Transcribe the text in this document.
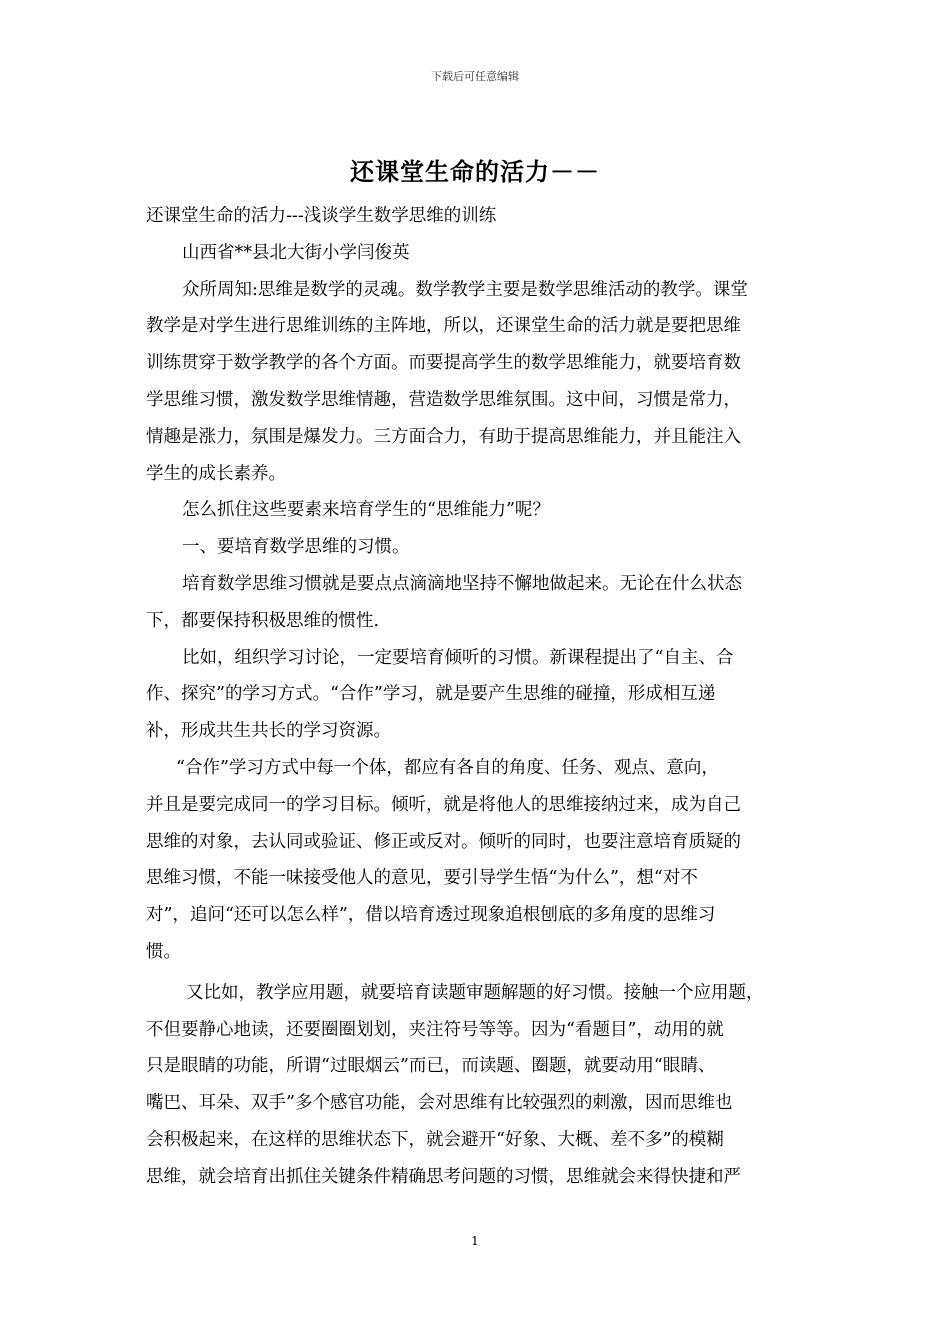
下载后可任意编辑
还课堂生命的活力－－
还课堂生命的活力---浅谈学生数学思维的训练
山西省**县北大街小学闫俊英
众所周知:思维是数学的灵魂。数学教学主要是数学思维活动的教学。课堂
教学是对学生进行思维训练的主阵地，所以，还课堂生命的活力就是要把思维
训练贯穿于数学教学的各个方面。而要提高学生的数学思维能力，就要培育数
学思维习惯，激发数学思维情趣，营造数学思维氛围。这中间，习惯是常力，
情趣是涨力，氛围是爆发力。三方面合力，有助于提高思维能力，并且能注入
学生的成长素养。
怎么抓住这些要素来培育学生的“思维能力”呢？
一、要培育数学思维的习惯。
培育数学思维习惯就是要点点滴滴地坚持不懈地做起来。无论在什么状态
下，都要保持积极思维的惯性.
比如，组织学习讨论，一定要培育倾听的习惯。新课程提出了“自主、合
作、探究”的学习方式。“合作”学习，就是要产生思维的碰撞，形成相互递
补，形成共生共长的学习资源。
“合作”学习方式中每一个体，都应有各自的角度、任务、观点、意向，
并且是要完成同一的学习目标。倾听，就是将他人的思维接纳过来，成为自己
思维的对象，去认同或验证、修正或反对。倾听的同时，也要注意培育质疑的
思维习惯，不能一味接受他人的意见，要引导学生悟“为什么”，想“对不
对”，追问“还可以怎么样”，借以培育透过现象追根刨底的多角度的思维习
惯。
又比如，教学应用题，就要培育读题审题解题的好习惯。接触一个应用题，
不但要静心地读，还要圈圈划划，夹注符号等等。因为“看题目”，动用的就
只是眼睛的功能，所谓“过眼烟云”而已，而读题、圈题，就要动用“眼睛、
嘴巴、耳朵、双手”多个感官功能，会对思维有比较强烈的刺激，因而思维也
会积极起来，在这样的思维状态下，就会避开“好象、大概、差不多”的模糊
思维，就会培育出抓住关键条件精确思考问题的习惯，思维就会来得快捷和严
1
